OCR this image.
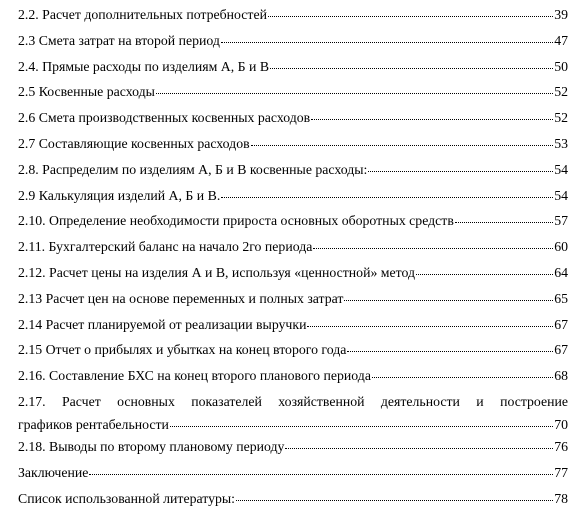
2.2. Расчет дополнительных потребностей	39
2.3 Смета затрат на второй период	47
2.4. Прямые расходы по изделиям А, Б и В	50
2.5 Косвенные расходы	52
2.6 Смета производственных косвенных расходов	52
2.7 Составляющие косвенных расходов	53
2.8. Распределим по изделиям А, Б и В косвенные расходы:	54
2.9 Калькуляция изделий А, Б и В.	54
2.10. Определение необходимости прироста основных оборотных средств	57
2.11. Бухгалтерский баланс на начало 2го периода	60
2.12. Расчет цены на изделия А и В, используя «ценностной» метод	64
2.13 Расчет цен на основе переменных и полных затрат	65
2.14 Расчет планируемой от реализации выручки	67
2.15 Отчет о прибылях и убытках на конец второго года	67
2.16. Составление БХС на конец второго планового периода	68
2.17. Расчет основных показателей хозяйственной деятельности и построение
графиков рентабельности	70
2.18. Выводы по второму плановому периоду	76
Заключение	77
Список использованной литературы:	78
